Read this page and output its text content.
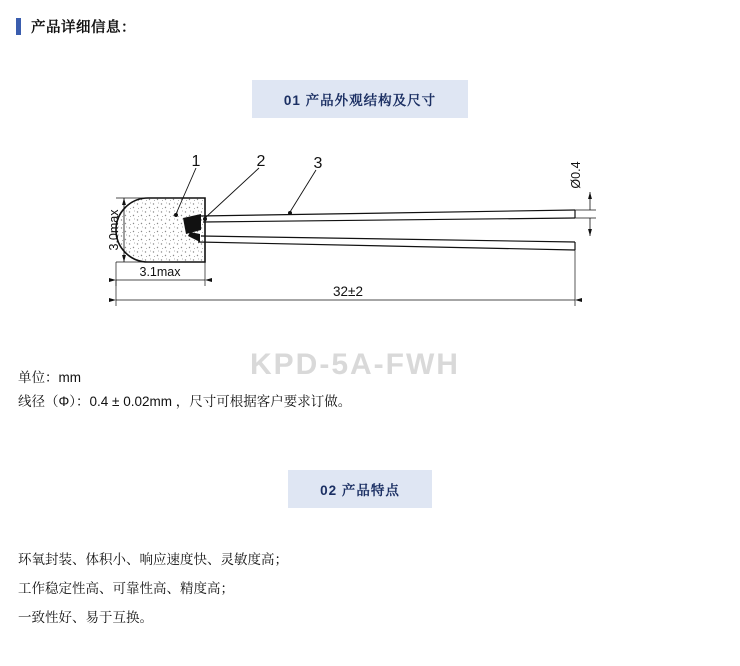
产品详细信息：
01 产品外观结构及尺寸
1	2	3
3.0max
3.1max
32±2
Ø0.4
KPD-5A-FWH
单位：mm
线径（Φ）：0.4 ± 0.02mm ，尺寸可根据客户要求订做。
02 产品特点
环氧封装、体积小、响应速度快、灵敏度高；
工作稳定性高、可靠性高、精度高；
一致性好、易于互换。
